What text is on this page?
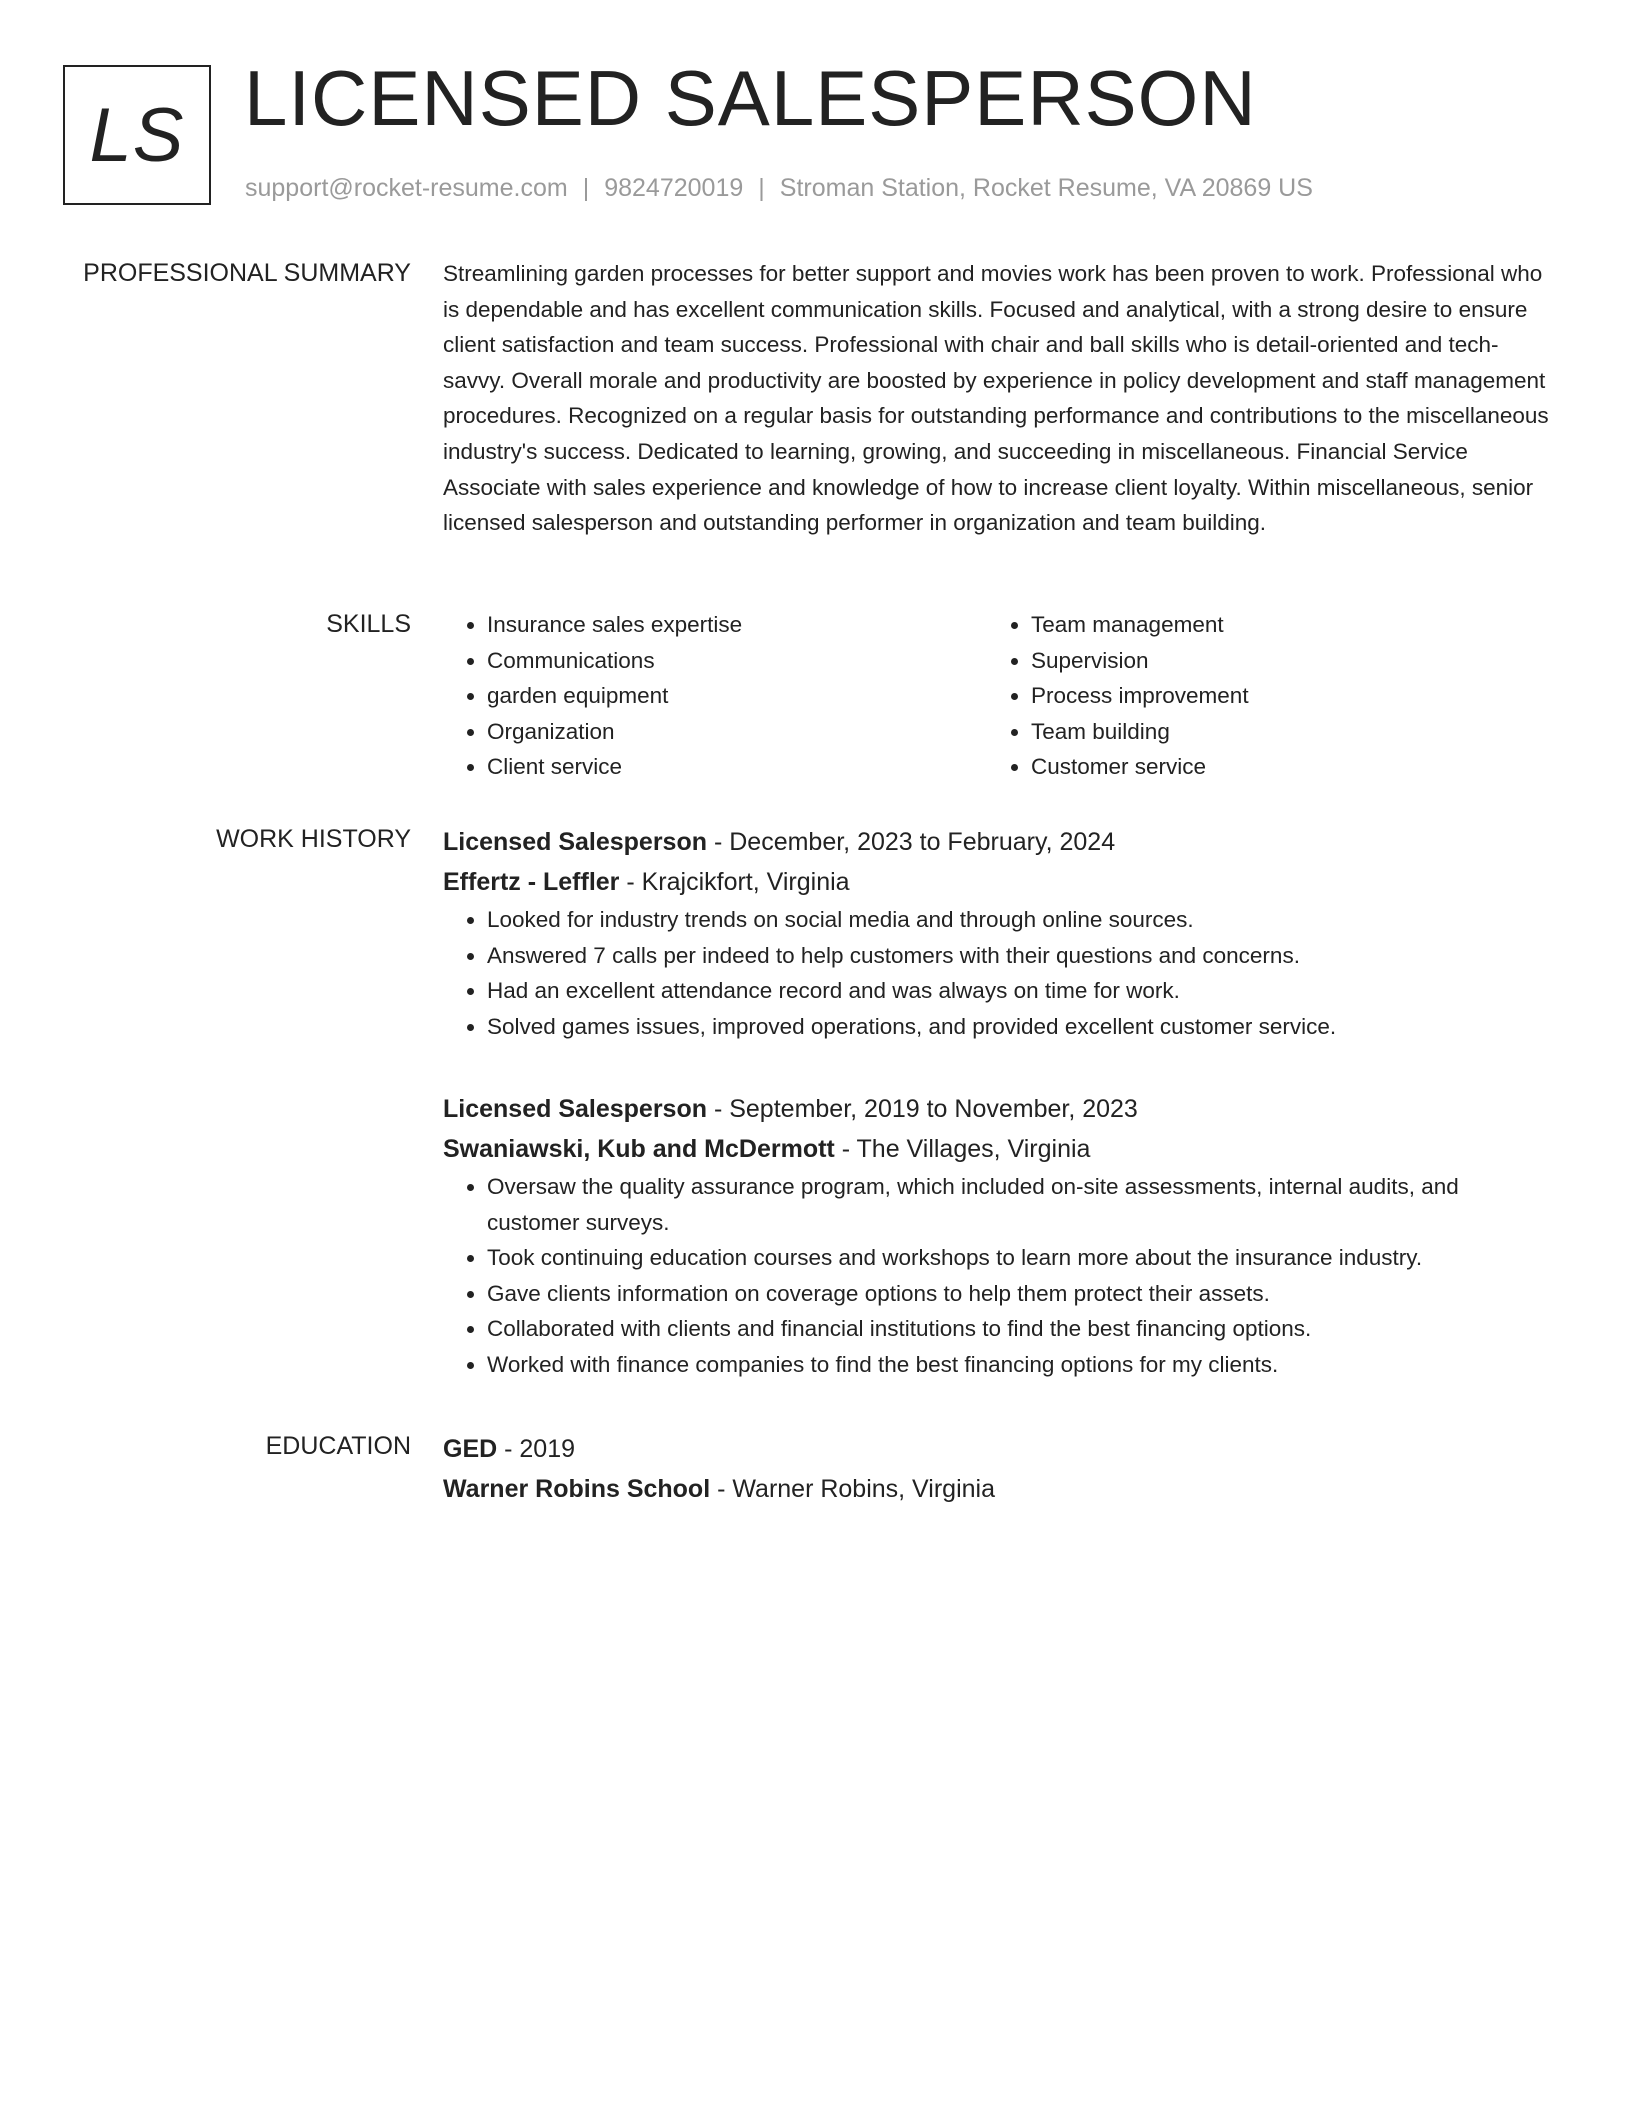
LS LICENSED SALESPERSON
support@rocket-resume.com | 9824720019 | Stroman Station, Rocket Resume, VA 20869 US
PROFESSIONAL SUMMARY Streamlining garden processes for better support and movies work has been proven to work. Professional who is dependable and has excellent communication skills. Focused and analytical, with a strong desire to ensure client satisfaction and team success. Professional with chair and ball skills who is detail-oriented and tech-savvy. Overall morale and productivity are boosted by experience in policy development and staff management procedures. Recognized on a regular basis for outstanding performance and contributions to the miscellaneous industry's success. Dedicated to learning, growing, and succeeding in miscellaneous. Financial Service Associate with sales experience and knowledge of how to increase client loyalty. Within miscellaneous, senior licensed salesperson and outstanding performer in organization and team building.

SKILLS
•	Insurance sales expertise
• Communications
• garden equipment
• Organization
• Client service
• Team management
• Supervision
• Process improvement
• Team building
• Customer service
WORK HISTORY Licensed Salesperson - December, 2023 to February, 2024
Effertz - Leffler - Krajcikfort, Virginia
• Looked for industry trends on social media and through online sources.
• Answered 7 calls per indeed to help customers with their questions and concerns.
• Had an excellent attendance record and was always on time for work.
• Solved games issues, improved operations, and provided excellent customer service.
Licensed Salesperson - September, 2019 to November, 2023
Swaniawski, Kub and McDermott - The Villages, Virginia
• Oversaw the quality assurance program, which included on-site assessments, internal audits, and customer surveys.
• Took continuing education courses and workshops to learn more about the insurance industry.
• Gave clients information on coverage options to help them protect their assets.
• Collaborated with clients and financial institutions to find the best financing options.
• Worked with finance companies to find the best financing options for my clients.
EDUCATION GED - 2019
Warner Robins School - Warner Robins, Virginia
